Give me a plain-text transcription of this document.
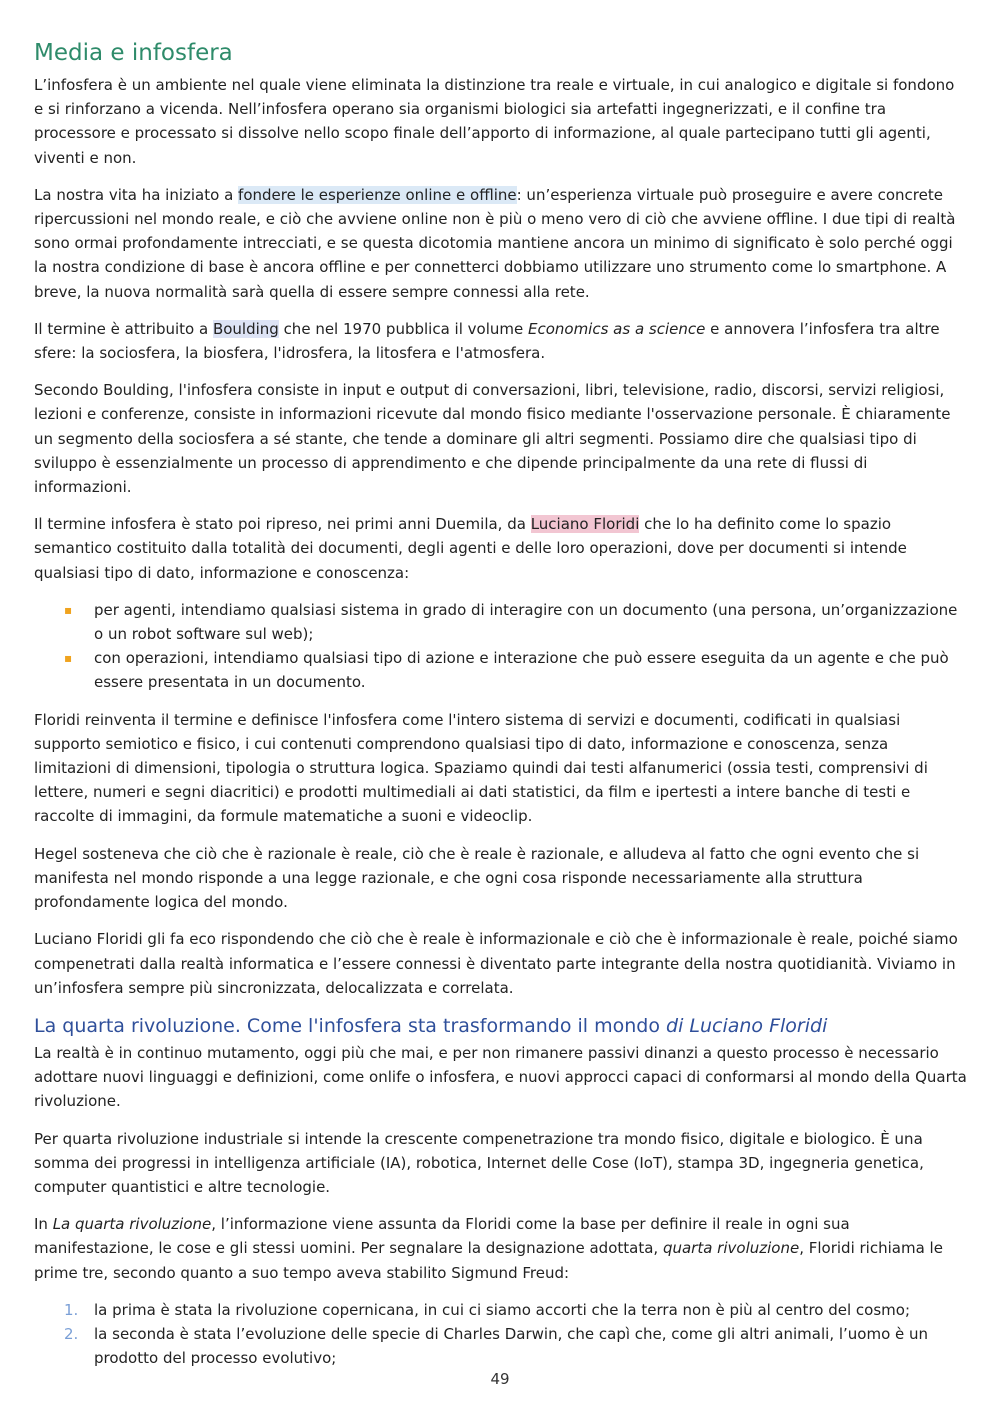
Media e infosfera

L’infosfera è un ambiente nel quale viene eliminata la distinzione tra reale e virtuale, in cui analogico e digitale si fondono e si rinforzano a vicenda. Nell’infosfera operano sia organismi biologici sia artefatti ingegnerizzati, e il confine tra processore e processato si dissolve nello scopo finale dell’apporto di informazione, al quale partecipano tutti gli agenti, viventi e non.

La nostra vita ha iniziato a fondere le esperienze online e offline: un’esperienza virtuale può proseguire e avere concrete ripercussioni nel mondo reale, e ciò che avviene online non è più o meno vero di ciò che avviene offline. I due tipi di realtà sono ormai profondamente intrecciati, e se questa dicotomia mantiene ancora un minimo di significato è solo perché oggi la nostra condizione di base è ancora offline e per connetterci dobbiamo utilizzare uno strumento come lo smartphone. A breve, la nuova normalità sarà quella di essere sempre connessi alla rete.

Il termine è attribuito a Boulding che nel 1970 pubblica il volume Economics as a science e annovera l’infosfera tra altre sfere: la sociosfera, la biosfera, l'idrosfera, la litosfera e l'atmosfera.

Secondo Boulding, l'infosfera consiste in input e output di conversazioni, libri, televisione, radio, discorsi, servizi religiosi, lezioni e conferenze, consiste in informazioni ricevute dal mondo fisico mediante l'osservazione personale. È chiaramente un segmento della sociosfera a sé stante, che tende a dominare gli altri segmenti. Possiamo dire che qualsiasi tipo di sviluppo è essenzialmente un processo di apprendimento e che dipende principalmente da una rete di flussi di informazioni.

Il termine infosfera è stato poi ripreso, nei primi anni Duemila, da Luciano Floridi che lo ha definito come lo spazio semantico costituito dalla totalità dei documenti, degli agenti e delle loro operazioni, dove per documenti si intende qualsiasi tipo di dato, informazione e conoscenza:

▪ per agenti, intendiamo qualsiasi sistema in grado di interagire con un documento (una persona, un’organizzazione o un robot software sul web);
▪ con operazioni, intendiamo qualsiasi tipo di azione e interazione che può essere eseguita da un agente e che può essere presentata in un documento.

Floridi reinventa il termine e definisce l'infosfera come l'intero sistema di servizi e documenti, codificati in qualsiasi supporto semiotico e fisico, i cui contenuti comprendono qualsiasi tipo di dato, informazione e conoscenza, senza limitazioni di dimensioni, tipologia o struttura logica. Spaziamo quindi dai testi alfanumerici (ossia testi, comprensivi di lettere, numeri e segni diacritici) e prodotti multimediali ai dati statistici, da film e ipertesti a intere banche di testi e raccolte di immagini, da formule matematiche a suoni e videoclip.

Hegel sosteneva che ciò che è razionale è reale, ciò che è reale è razionale, e alludeva al fatto che ogni evento che si manifesta nel mondo risponde a una legge razionale, e che ogni cosa risponde necessariamente alla struttura profondamente logica del mondo.

Luciano Floridi gli fa eco rispondendo che ciò che è reale è informazionale e ciò che è informazionale è reale, poiché siamo compenetrati dalla realtà informatica e l’essere connessi è diventato parte integrante della nostra quotidianità. Viviamo in un’infosfera sempre più sincronizzata, delocalizzata e correlata.

La quarta rivoluzione. Come l'infosfera sta trasformando il mondo di Luciano Floridi

La realtà è in continuo mutamento, oggi più che mai, e per non rimanere passivi dinanzi a questo processo è necessario adottare nuovi linguaggi e definizioni, come onlife o infosfera, e nuovi approcci capaci di conformarsi al mondo della Quarta rivoluzione.

Per quarta rivoluzione industriale si intende la crescente compenetrazione tra mondo fisico, digitale e biologico. È una somma dei progressi in intelligenza artificiale (IA), robotica, Internet delle Cose (IoT), stampa 3D, ingegneria genetica, computer quantistici e altre tecnologie.

In La quarta rivoluzione, l’informazione viene assunta da Floridi come la base per definire il reale in ogni sua manifestazione, le cose e gli stessi uomini. Per segnalare la designazione adottata, quarta rivoluzione, Floridi richiama le prime tre, secondo quanto a suo tempo aveva stabilito Sigmund Freud:

1. la prima è stata la rivoluzione copernicana, in cui ci siamo accorti che la terra non è più al centro del cosmo;
2. la seconda è stata l’evoluzione delle specie di Charles Darwin, che capì che, come gli altri animali, l’uomo è un prodotto del processo evolutivo;
49
